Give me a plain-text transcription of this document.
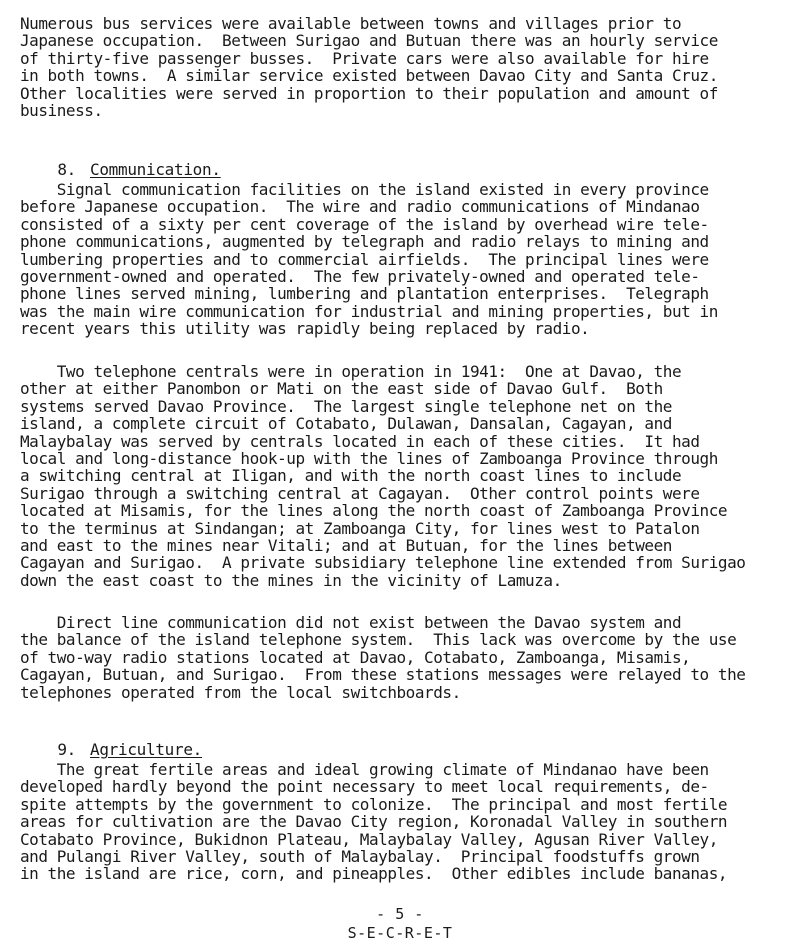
Numerous bus services were available between towns and villages prior to
Japanese occupation.  Between Surigao and Butuan there was an hourly service
of thirty-five passenger busses.  Private cars were also available for hire
in both towns.  A similar service existed between Davao City and Santa Cruz.
Other localities were served in proportion to their population and amount of
business.

8. Communication.

Signal communication facilities on the island existed in every province
before Japanese occupation.  The wire and radio communications of Mindanao
consisted of a sixty per cent coverage of the island by overhead wire tele-
phone communications, augmented by telegraph and radio relays to mining and
lumbering properties and to commercial airfields.  The principal lines were
government-owned and operated.  The few privately-owned and operated tele-
phone lines served mining, lumbering and plantation enterprises.  Telegraph
was the main wire communication for industrial and mining properties, but in
recent years this utility was rapidly being replaced by radio.
Two telephone centrals were in operation in 1941:  One at Davao, the
other at either Panombon or Mati on the east side of Davao Gulf.  Both
systems served Davao Province.  The largest single telephone net on the
island, a complete circuit of Cotabato, Dulawan, Dansalan, Cagayan, and
Malaybalay was served by centrals located in each of these cities.  It had
local and long-distance hook-up with the lines of Zamboanga Province through
a switching central at Iligan, and with the north coast lines to include
Surigao through a switching central at Cagayan.  Other control points were
located at Misamis, for the lines along the north coast of Zamboanga Province
to the terminus at Sindangan; at Zamboanga City, for lines west to Patalon
and east to the mines near Vitali; and at Butuan, for the lines between
Cagayan and Surigao.  A private subsidiary telephone line extended from Surigao
down the east coast to the mines in the vicinity of Lamuza.
Direct line communication did not exist between the Davao system and
the balance of the island telephone system.  This lack was overcome by the use
of two-way radio stations located at Davao, Cotabato, Zamboanga, Misamis,
Cagayan, Butuan, and Surigao.  From these stations messages were relayed to the
telephones operated from the local switchboards.

9. Agriculture.

The great fertile areas and ideal growing climate of Mindanao have been
developed hardly beyond the point necessary to meet local requirements, de-
spite attempts by the government to colonize.  The principal and most fertile
areas for cultivation are the Davao City region, Koronadal Valley in southern
Cotabato Province, Bukidnon Plateau, Malaybalay Valley, Agusan River Valley,
and Pulangi River Valley, south of Malaybalay.  Principal foodstuffs grown
in the island are rice, corn, and pineapples.  Other edibles include bananas,
- 5 -
S-E-C-R-E-T
